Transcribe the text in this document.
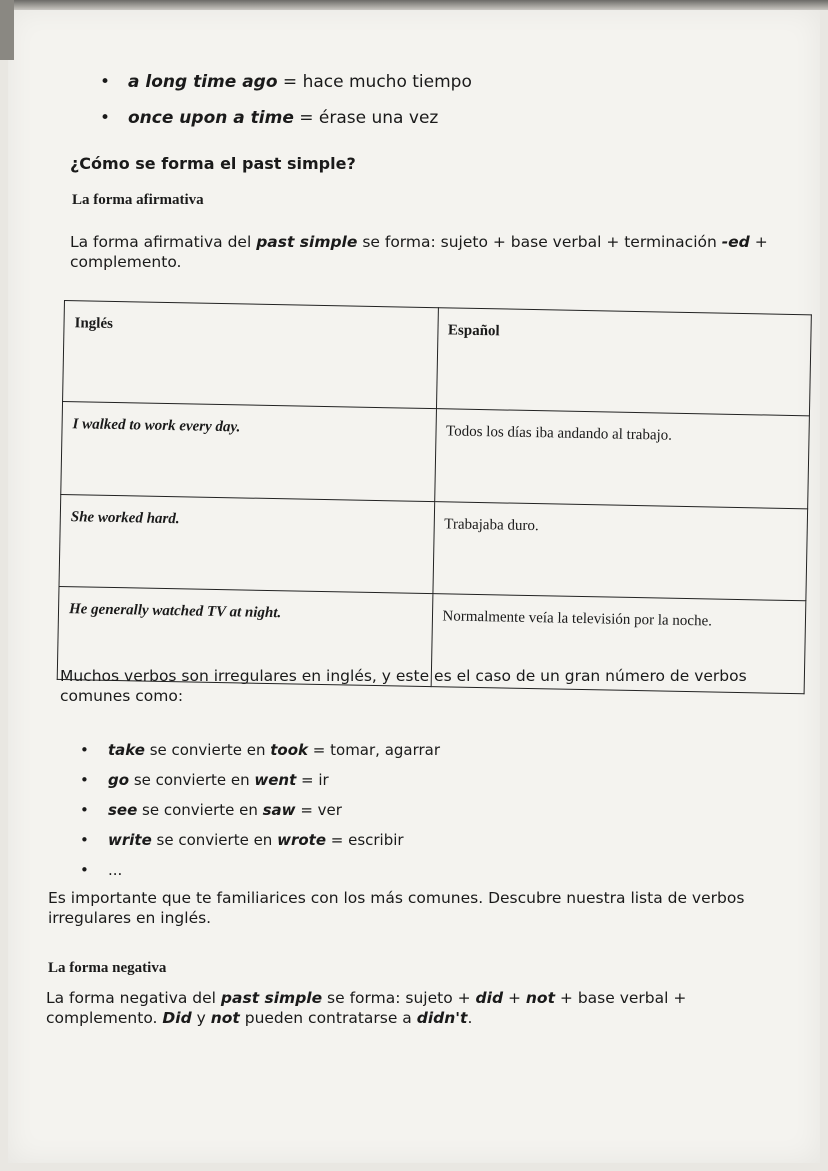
• a long time ago = hace mucho tiempo
• once upon a time = érase una vez
¿Cómo se forma el past simple?
La forma afirmativa
La forma afirmativa del past simple se forma: sujeto + base verbal + terminación -ed + complemento.
Inglés	Español
I walked to work every day.	Todos los días iba andando al trabajo.
She worked hard.	Trabajaba duro.
He generally watched TV at night.	Normalmente veía la televisión por la noche.
Muchos verbos son irregulares en inglés, y este es el caso de un gran número de verbos comunes como:
• take se convierte en took = tomar, agarrar
• go se convierte en went = ir
• see se convierte en saw = ver
• write se convierte en wrote = escribir
• ...
Es importante que te familiarices con los más comunes. Descubre nuestra lista de verbos irregulares en inglés.
La forma negativa
La forma negativa del past simple se forma: sujeto + did + not + base verbal + complemento. Did y not pueden contratarse a didn't.
